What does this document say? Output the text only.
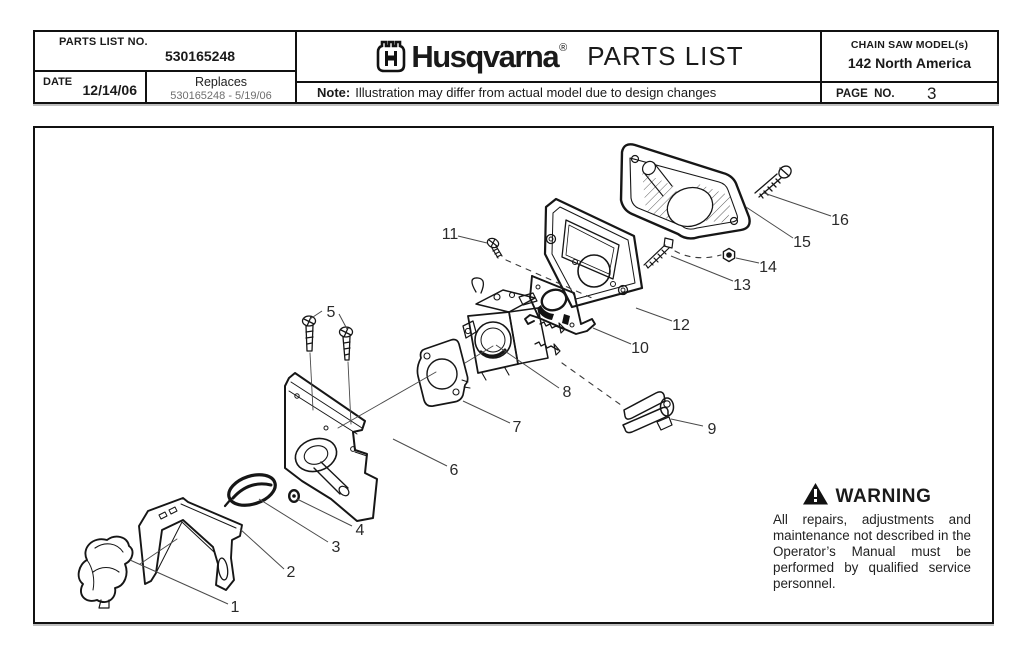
PARTS LIST NO.
530165248
DATE 12/14/06	Replaces
530165248 - 5/19/06
Husqvarna ® PARTS LIST
Note: Illustration may differ from actual model due to design changes
CHAIN SAW MODEL(s)
142 North America
PAGE  NO. 3
1
2
3
4
5
6
7
8
9
10
11
12
13
14
15
16
WARNING
All repairs, adjustments and maintenance not described in the Operator’s Manual must be performed by qualified service personnel.
